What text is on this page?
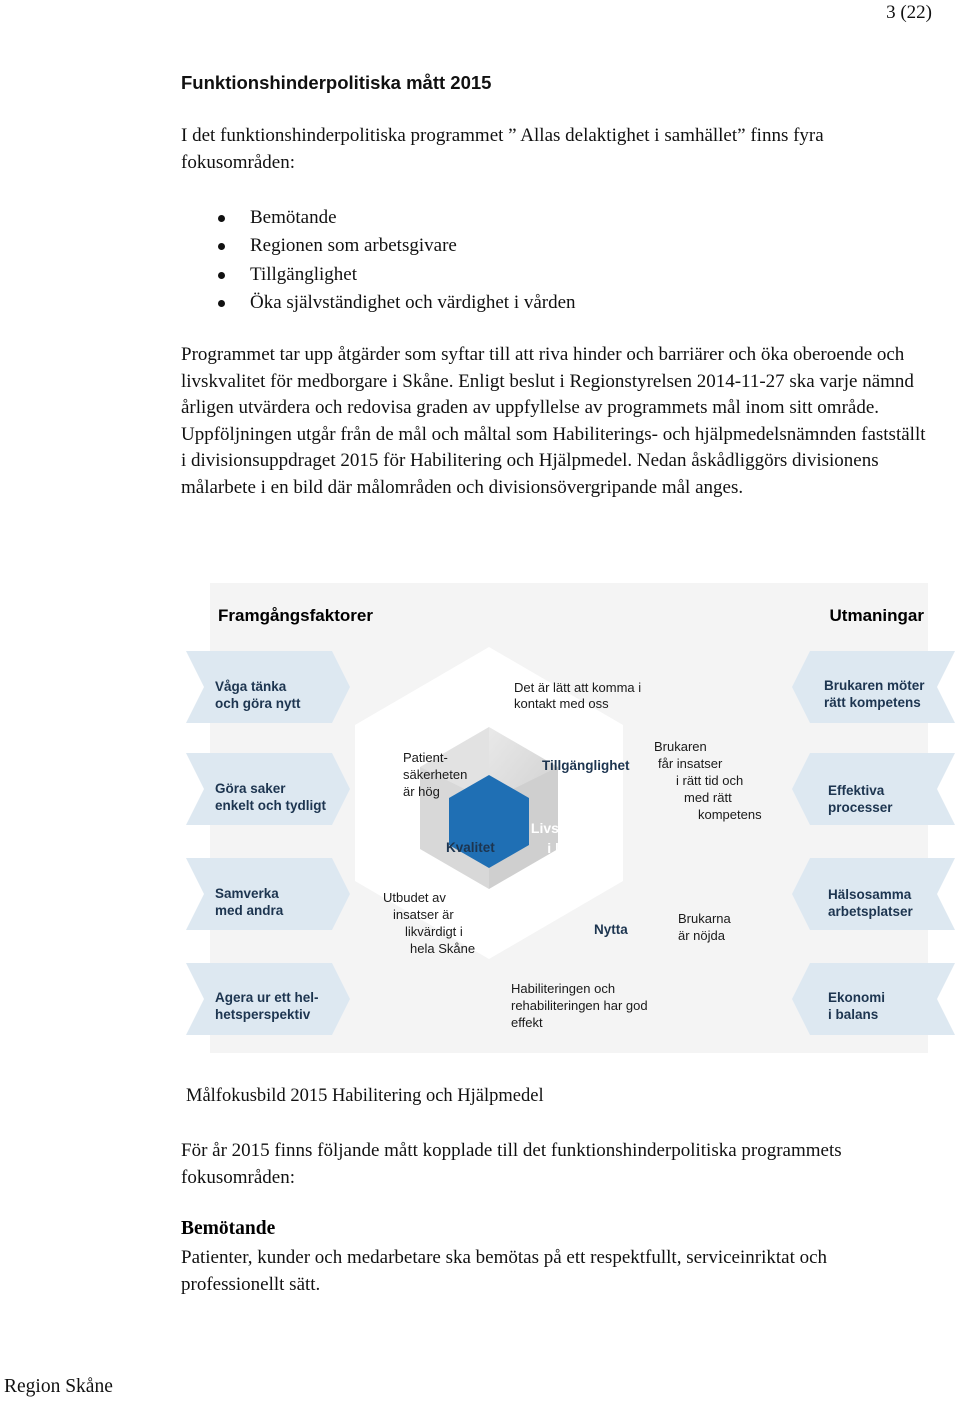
3 (22)
Funktionshinderpolitiska mått 2015

I det funktionshinderpolitiska programmet ” Allas delaktighet i samhället” finns fyra fokusområden:

Bemötande
Regionen som arbetsgivare
Tillgänglighet
Öka självständighet och värdighet i vården

Programmet tar upp åtgärder som syftar till att riva hinder och barriärer och öka oberoende och livskvalitet för medborgare i Skåne. Enligt beslut i Regionstyrelsen 2014-11-27 ska varje nämnd årligen utvärdera och redovisa graden av uppfyllelse av programmets mål inom sitt område. Uppföljningen utgår från de mål och måltal som Habiliterings- och hjälpmedelsnämnden fastställt i divisionsuppdraget 2015 för Habilitering och Hjälpmedel. Nedan åskådliggörs divisionens målarbete i en bild där målområden och divisionsövergripande mål anges.

Framgångsfaktorer	Utmaningar
Våga tänka och göra nytt
Göra saker enkelt och tydligt
Samverka med andra
Agera ur ett hel- hetsperspektiv
Brukaren möter rätt kompetens
Effektiva processer
Hälsosamma arbetsplatser
Ekonomi i balans
Det är lätt att komma i kontakt med oss
Habiliteringen och rehabiliteringen har god effekt
Patient- säkerheten är hög
Brukaren får insatser i rätt tid och med rätt kompetens
Utbudet av insatser är likvärdigt i hela Skåne
Brukarna är nöjda
Tillgänglighet
Kvalitet
Nytta
Livskvalitet i livets alla skeden
Målfokusbild 2015 Habilitering och Hjälpmedel

För år 2015 finns följande mått kopplade till det funktionshinderpolitiska programmets fokusområden:

Bemötande

Patienter, kunder och medarbetare ska bemötas på ett respektfullt, serviceinriktat och professionellt sätt.

Region Skåne
